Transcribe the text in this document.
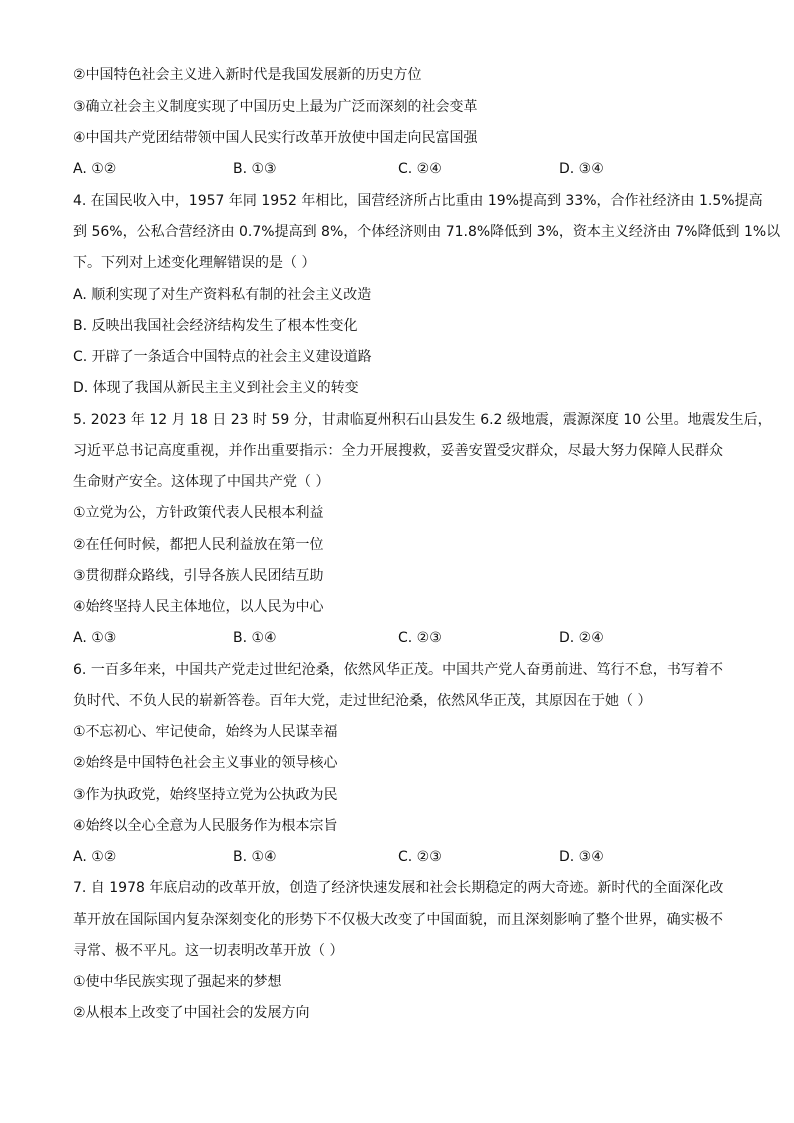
②中国特色社会主义进入新时代是我国发展新的历史方位
③确立社会主义制度实现了中国历史上最为广泛而深刻的社会变革
④中国共产党团结带领中国人民实行改革开放使中国走向民富国强
A. ①②	B. ①③	C. ②④	D. ③④
4. 在国民收入中，1957 年同 1952 年相比，国营经济所占比重由 19%提高到 33%，合作社经济由 1.5%提高
到 56%，公私合营经济由 0.7%提高到 8%，个体经济则由 71.8%降低到 3%，资本主义经济由 7%降低到 1%以
下。下列对上述变化理解错误的是（ ）
A. 顺利实现了对生产资料私有制的社会主义改造
B. 反映出我国社会经济结构发生了根本性变化
C. 开辟了一条适合中国特点的社会主义建设道路
D. 体现了我国从新民主主义到社会主义的转变
5. 2023 年 12 月 18 日 23 时 59 分，甘肃临夏州积石山县发生 6.2 级地震，震源深度 10 公里。地震发生后，
习近平总书记高度重视，并作出重要指示：全力开展搜救，妥善安置受灾群众，尽最大努力保障人民群众
生命财产安全。这体现了中国共产党（ ）
①立党为公，方针政策代表人民根本利益
②在任何时候，都把人民利益放在第一位
③贯彻群众路线，引导各族人民团结互助
④始终坚持人民主体地位，以人民为中心
A. ①③	B. ①④	C. ②③	D. ②④
6. 一百多年来，中国共产党走过世纪沧桑，依然风华正茂。中国共产党人奋勇前进、笃行不怠，书写着不
负时代、不负人民的崭新答卷。百年大党，走过世纪沧桑，依然风华正茂，其原因在于她（ ）
①不忘初心、牢记使命，始终为人民谋幸福
②始终是中国特色社会主义事业的领导核心
③作为执政党，始终坚持立党为公执政为民
④始终以全心全意为人民服务作为根本宗旨
A. ①②	B. ①④	C. ②③	D. ③④
7. 自 1978 年底启动的改革开放，创造了经济快速发展和社会长期稳定的两大奇迹。新时代的全面深化改
革开放在国际国内复杂深刻变化的形势下不仅极大改变了中国面貌，而且深刻影响了整个世界，确实极不
寻常、极不平凡。这一切表明改革开放（ ）
①使中华民族实现了强起来的梦想
②从根本上改变了中国社会的发展方向
